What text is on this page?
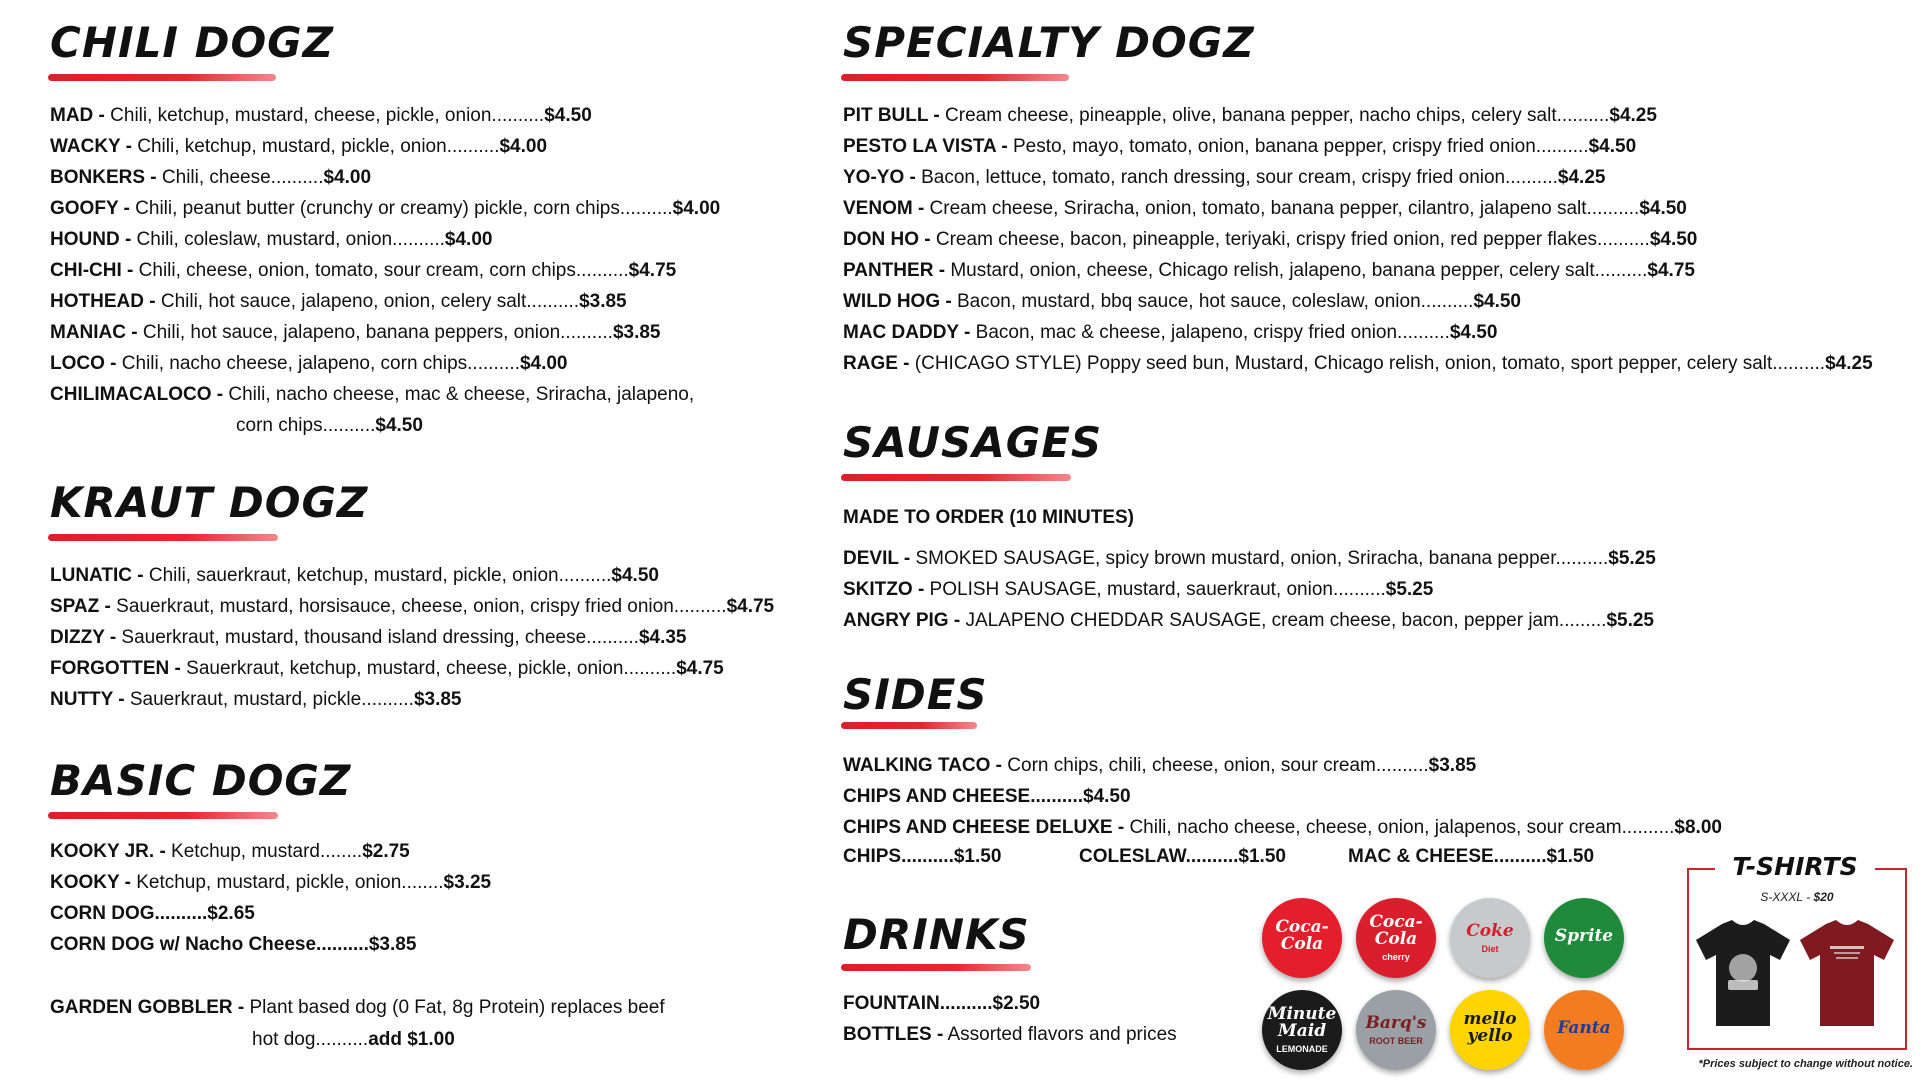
CHILI DOGZ
MAD - Chili, ketchup, mustard, cheese, pickle, onion..........$4.50
WACKY - Chili, ketchup, mustard, pickle, onion..........$4.00
BONKERS - Chili, cheese..........$4.00
GOOFY - Chili, peanut butter (crunchy or creamy) pickle, corn chips..........$4.00
HOUND - Chili, coleslaw, mustard, onion..........$4.00
CHI-CHI - Chili, cheese, onion, tomato, sour cream, corn chips..........$4.75
HOTHEAD - Chili, hot sauce, jalapeno, onion, celery salt..........$3.85
MANIAC - Chili, hot sauce, jalapeno, banana peppers, onion..........$3.85
LOCO - Chili, nacho cheese, jalapeno, corn chips..........$4.00
CHILIMACALOCO - Chili, nacho cheese, mac & cheese, Sriracha, jalapeno,
corn chips..........$4.50
KRAUT DOGZ
LUNATIC - Chili, sauerkraut, ketchup, mustard, pickle, onion..........$4.50
SPAZ - Sauerkraut, mustard, horsisauce, cheese, onion, crispy fried onion..........$4.75
DIZZY - Sauerkraut, mustard, thousand island dressing, cheese..........$4.35
FORGOTTEN - Sauerkraut, ketchup, mustard, cheese, pickle, onion..........$4.75
NUTTY - Sauerkraut, mustard, pickle..........$3.85
BASIC DOGZ
KOOKY JR. - Ketchup, mustard........$2.75
KOOKY - Ketchup, mustard, pickle, onion........$3.25
CORN DOG..........$2.65
CORN DOG w/ Nacho Cheese..........$3.85
GARDEN GOBBLER - Plant based dog (0 Fat, 8g Protein) replaces beef
hot dog..........add $1.00
SPECIALTY DOGZ
PIT BULL - Cream cheese, pineapple, olive, banana pepper, nacho chips, celery salt..........$4.25
PESTO LA VISTA - Pesto, mayo, tomato, onion, banana pepper, crispy fried onion..........$4.50
YO-YO - Bacon, lettuce, tomato, ranch dressing, sour cream, crispy fried onion..........$4.25
VENOM - Cream cheese, Sriracha, onion, tomato, banana pepper, cilantro, jalapeno salt..........$4.50
DON HO - Cream cheese, bacon, pineapple, teriyaki, crispy fried onion, red pepper flakes..........$4.50
PANTHER - Mustard, onion, cheese, Chicago relish, jalapeno, banana pepper, celery salt..........$4.75
WILD HOG - Bacon, mustard, bbq sauce, hot sauce, coleslaw, onion..........$4.50
MAC DADDY - Bacon, mac & cheese, jalapeno, crispy fried onion..........$4.50
RAGE - (CHICAGO STYLE) Poppy seed bun, Mustard, Chicago relish, onion, tomato, sport pepper, celery salt..........$4.25
SAUSAGES
MADE TO ORDER (10 MINUTES)
DEVIL - SMOKED SAUSAGE, spicy brown mustard, onion, Sriracha, banana pepper..........$5.25
SKITZO - POLISH SAUSAGE, mustard, sauerkraut, onion..........$5.25
ANGRY PIG - JALAPENO CHEDDAR SAUSAGE, cream cheese, bacon, pepper jam.........$5.25
SIDES
WALKING TACO - Corn chips, chili, cheese, onion, sour cream..........$3.85
CHIPS AND CHEESE..........$4.50
CHIPS AND CHEESE DELUXE - Chili, nacho cheese, cheese, onion, jalapenos, sour cream..........$8.00
CHIPS..........$1.50	COLESLAW..........$1.50	MAC & CHEESE..........$1.50
DRINKS
FOUNTAIN..........$2.50
BOTTLES - Assorted flavors and prices
Coca-Cola
Coca-Cola
cherry
Coke
Diet
Sprite
Minute Maid
LEMONADE
Barq's
ROOT BEER
mello yello	Fanta
T-SHIRTS
S-XXXL - $20
*Prices subject to change without notice.
